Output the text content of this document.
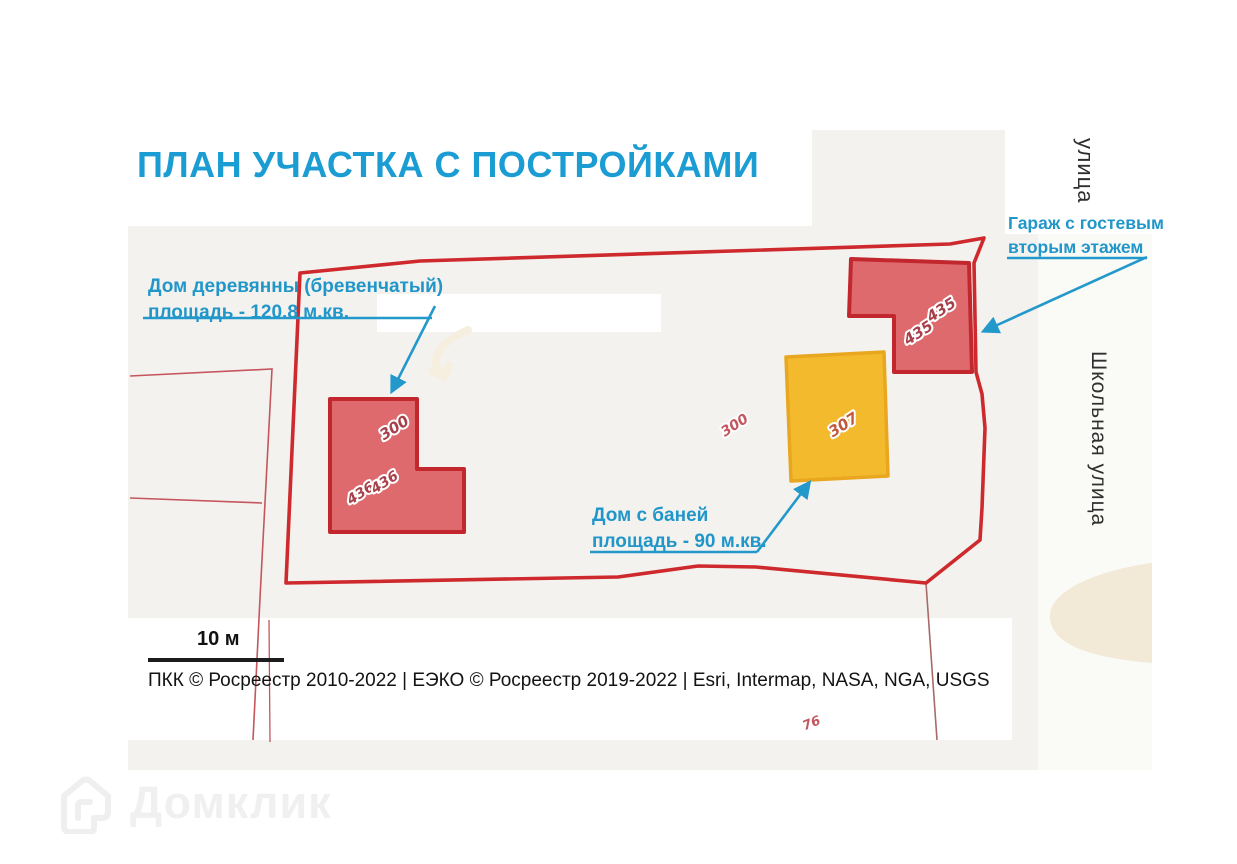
300
436
436
435
435
307
300
76
ПЛАН УЧАСТКА С ПОСТРОЙКАМИ
Дом деревянны (бревенчатый)
площадь - 120.8 м.кв.
Гараж с гостевым
вторым этажем
Дом с баней
площадь - 90 м.кв.
улица
Школьная улица
10 м
ПКК © Росреестр 2010-2022 | ЕЭКО © Росреестр 2019-2022 | Esri, Intermap, NASA, NGA, USGS
Домклик
